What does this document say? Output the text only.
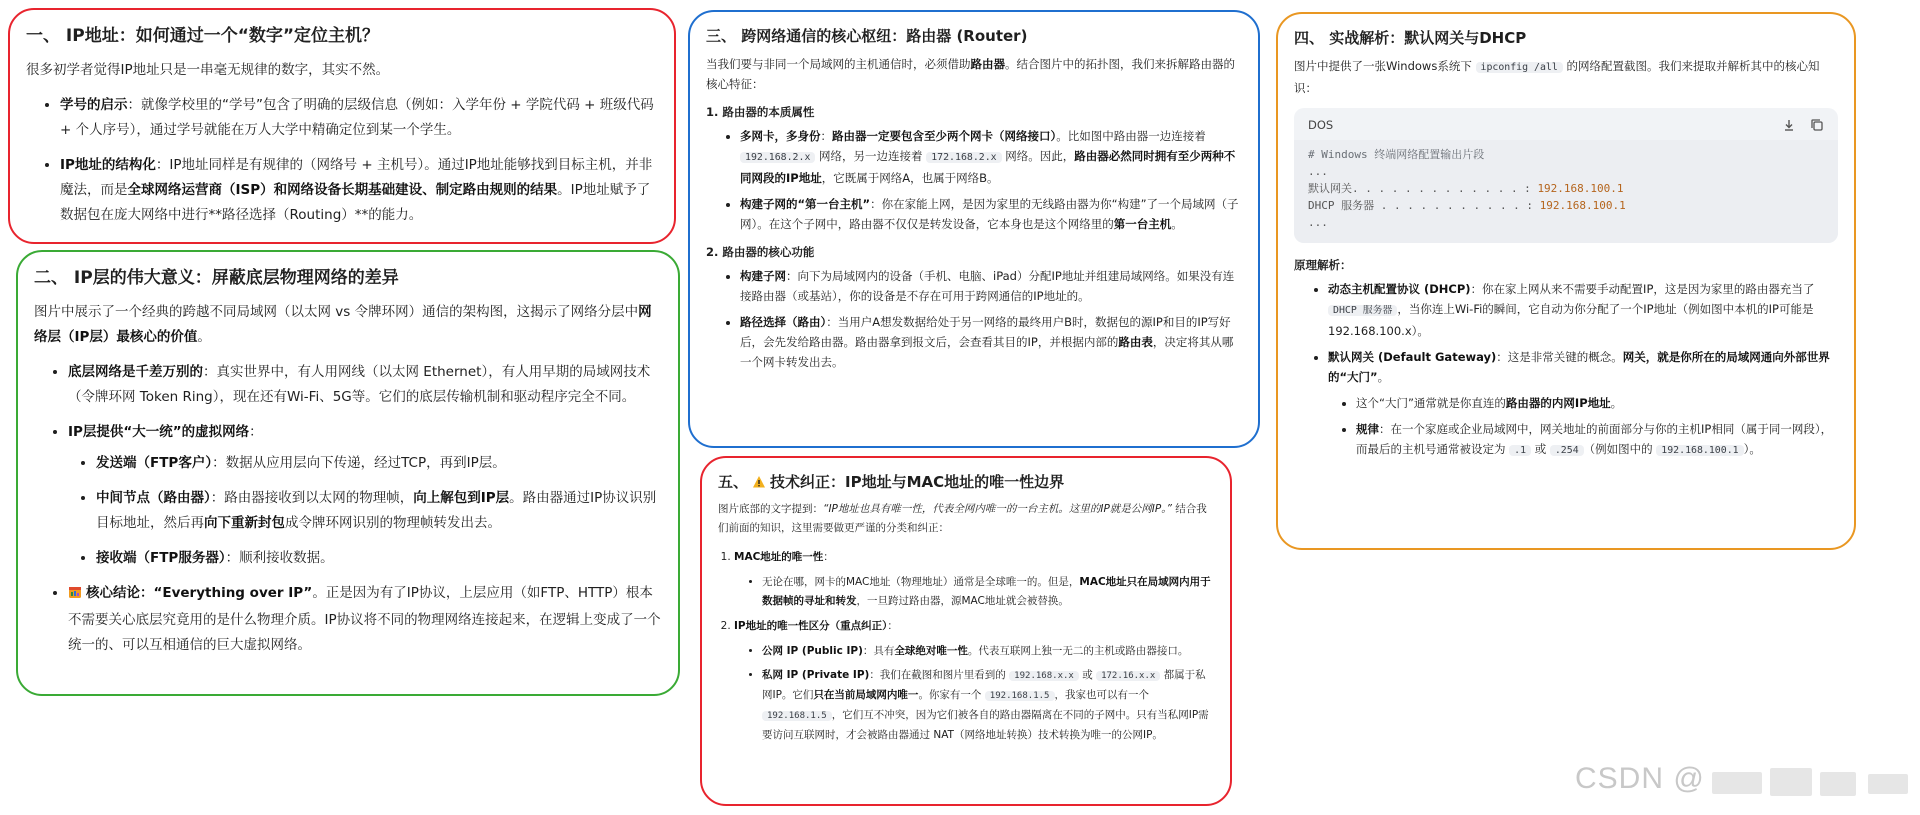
一、 IP地址：如何通过一个“数字”定位主机？

很多初学者觉得IP地址只是一串毫无规律的数字，其实不然。

• 学号的启示：就像学校里的“学号”包含了明确的层级信息（例如：入学年份 + 学院代码 + 班级代码 + 个人序号），通过学号就能在万人大学中精确定位到某一个学生。
• IP地址的结构化：IP地址同样是有规律的（网络号 + 主机号）。通过IP地址能够找到目标主机，并非魔法，而是全球网络运营商（ISP）和网络设备长期基础建设、制定路由规则的结果。IP地址赋予了数据包在庞大网络中进行**路径选择（Routing）**的能力。
二、 IP层的伟大意义：屏蔽底层物理网络的差异

图片中展示了一个经典的跨越不同局域网（以太网 vs 令牌环网）通信的架构图，这揭示了网络分层中网络层（IP层）最核心的价值。

• 底层网络是千差万别的：真实世界中，有人用网线（以太网 Ethernet），有人用早期的局域网技术（令牌环网 Token Ring），现在还有Wi-Fi、5G等。它们的底层传输机制和驱动程序完全不同。
• IP层提供“大一统”的虚拟网络：
• 发送端（FTP客户）：数据从应用层向下传递，经过TCP，再到IP层。
• 中间节点（路由器）：路由器接收到以太网的物理帧，向上解包到IP层。路由器通过IP协议识别目标地址，然后再向下重新封包成令牌环网识别的物理帧转发出去。
• 接收端（FTP服务器）：顺利接收数据。
• 核心结论：“Everything over IP”。正是因为有了IP协议，上层应用（如FTP、HTTP）根本不需要关心底层究竟用的是什么物理介质。IP协议将不同的物理网络连接起来，在逻辑上变成了一个统一的、可以互相通信的巨大虚拟网络。
三、 跨网络通信的核心枢纽：路由器 (Router)

当我们要与非同一个局域网的主机通信时，必须借助路由器。结合图片中的拓扑图，我们来拆解路由器的核心特征：

1. 路由器的本质属性
• 多网卡，多身份：路由器一定要包含至少两个网卡（网络接口）。比如图中路由器一边连接着 192.168.2.x 网络，另一边连接着 172.168.2.x 网络。因此，路由器必然同时拥有至少两种不同网段的IP地址，它既属于网络A，也属于网络B。
• 构建子网的“第一台主机”：你在家能上网，是因为家里的无线路由器为你“构建”了一个局域网（子网）。在这个子网中，路由器不仅仅是转发设备，它本身也是这个网络里的第一台主机。
2. 路由器的核心功能
• 构建子网：向下为局域网内的设备（手机、电脑、iPad）分配IP地址并组建局域网络。如果没有连接路由器（或基站），你的设备是不存在可用于跨网通信的IP地址的。
• 路径选择（路由）：当用户A想发数据给处于另一网络的最终用户B时，数据包的源IP和目的IP写好后，会先发给路由器。路由器拿到报文后，会查看其目的IP，并根据内部的路由表，决定将其从哪一个网卡转发出去。
五、 技术纠正：IP地址与MAC地址的唯一性边界

图片底部的文字提到：“IP地址也具有唯一性，代表全网内唯一的一台主机。这里的IP就是公网IP。” 结合我们前面的知识，这里需要做更严谨的分类和纠正：

1. MAC地址的唯一性：
• 无论在哪，网卡的MAC地址（物理地址）通常是全球唯一的。但是，MAC地址只在局域网内用于数据帧的寻址和转发，一旦跨过路由器，源MAC地址就会被替换。
2. IP地址的唯一性区分（重点纠正）：
• 公网 IP (Public IP)：具有全球绝对唯一性。代表互联网上独一无二的主机或路由器接口。
• 私网 IP (Private IP)：我们在截图和图片里看到的 192.168.x.x 或 172.16.x.x 都属于私网IP。它们只在当前局域网内唯一。你家有一个 192.168.1.5 ，我家也可以有一个 192.168.1.5 ，它们互不冲突，因为它们被各自的路由器隔离在不同的子网中。只有当私网IP需要访问互联网时，才会被路由器通过 NAT（网络地址转换）技术转换为唯一的公网IP。
四、 实战解析：默认网关与DHCP

图片中提供了一张Windows系统下 ipconfig /all 的网络配置截图。我们来提取并解析其中的核心知识：

DOS
# Windows 终端网络配置输出片段
...
默认网关. . . . . . . . . . . . . : 192.168.100.1
DHCP 服务器 . . . . . . . . . . . : 192.168.100.1
...
原理解析：
• 动态主机配置协议 (DHCP)：你在家上网从来不需要手动配置IP，这是因为家里的路由器充当了 DHCP 服务器 ，当你连上Wi-Fi的瞬间，它自动为你分配了一个IP地址（例如图中本机的IP可能是 192.168.100.x）。
• 默认网关 (Default Gateway)：这是非常关键的概念。网关，就是你所在的局域网通向外部世界的“大门”。
• 这个“大门”通常就是你直连的路由器的内网IP地址。
• 规律：在一个家庭或企业局域网中，网关地址的前面部分与你的主机IP相同（属于同一网段），而最后的主机号通常被设定为 .1 或 .254 （例如图中的 192.168.100.1 ）。
CSDN @
